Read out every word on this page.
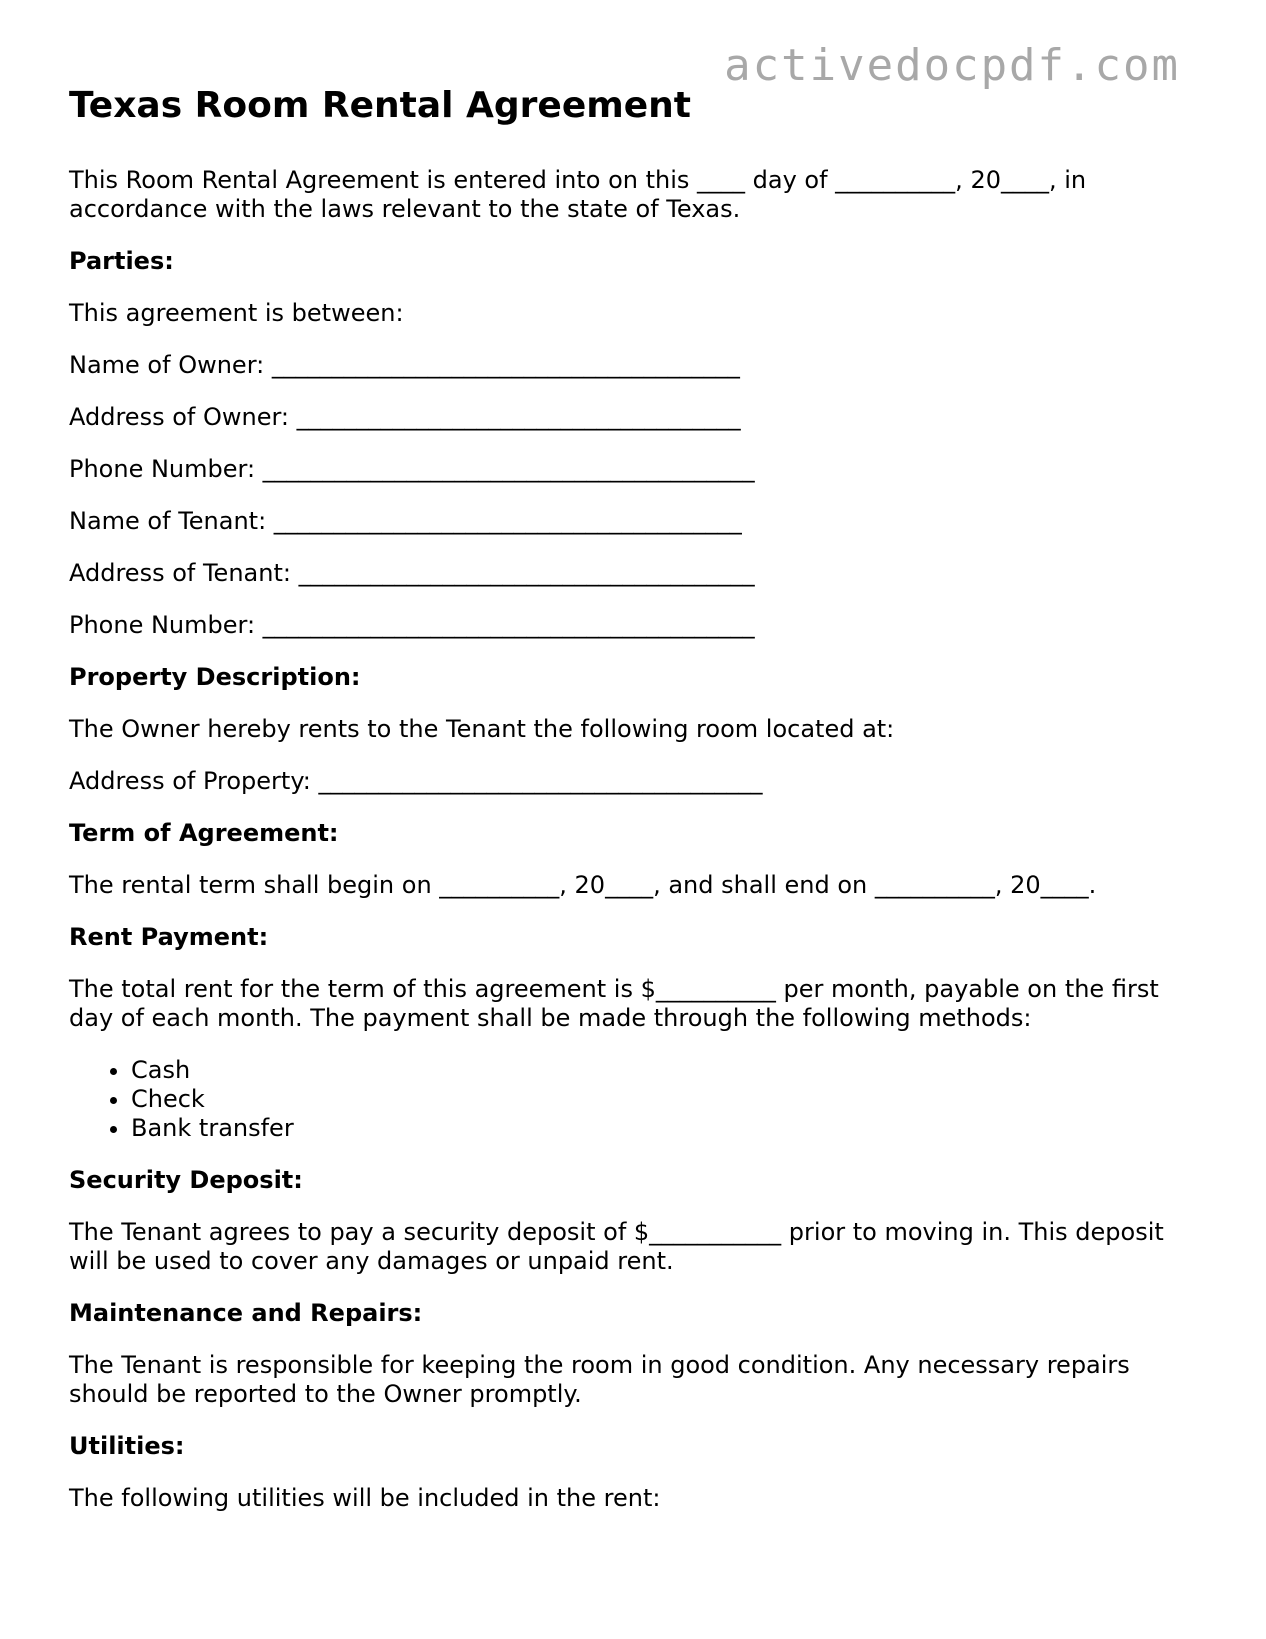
activedocpdf.com
Texas Room Rental Agreement

This Room Rental Agreement is entered into on this ____ day of __________, 20____, in accordance with the laws relevant to the state of Texas.

Parties:

This agreement is between:

Name of Owner: _______________________________________

Address of Owner: _____________________________________

Phone Number: _________________________________________

Name of Tenant: _______________________________________

Address of Tenant: ______________________________________

Phone Number: _________________________________________

Property Description:

The Owner hereby rents to the Tenant the following room located at:

Address of Property: _____________________________________

Term of Agreement:

The rental term shall begin on __________, 20____, and shall end on __________, 20____.

Rent Payment:

The total rent for the term of this agreement is $__________ per month, payable on the first day of each month. The payment shall be made through the following methods:

• Cash
• Check
• Bank transfer
Security Deposit:

The Tenant agrees to pay a security deposit of $___________ prior to moving in. This deposit will be used to cover any damages or unpaid rent.

Maintenance and Repairs:

The Tenant is responsible for keeping the room in good condition. Any necessary repairs should be reported to the Owner promptly.

Utilities:

The following utilities will be included in the rent:
